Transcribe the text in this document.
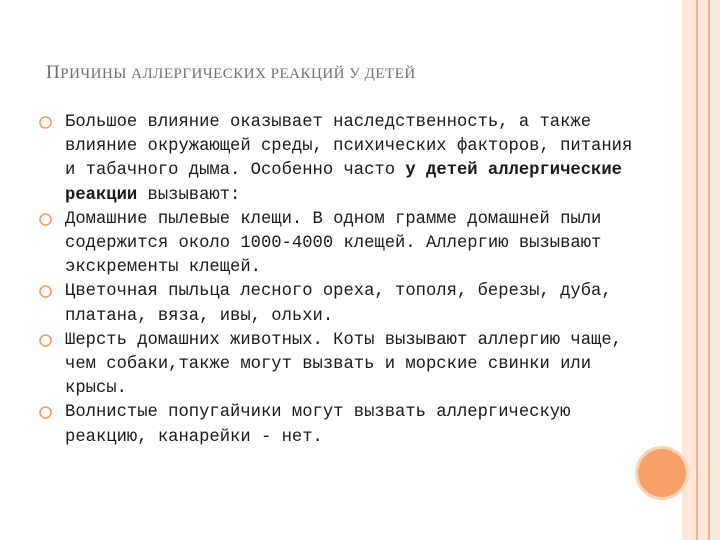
ПРИЧИНЫ АЛЛЕРГИЧЕСКИХ РЕАКЦИЙ У ДЕТЕЙ
Большое влияние оказывает наследственность, а также влияние окружающей среды, психических факторов, питания и табачного дыма. Особенно часто у детей аллергические реакции вызывают:
Домашние пылевые клещи. В одном грамме домашней пыли содержится около 1000-4000 клещей. Аллергию вызывают экскременты клещей.
Цветочная пыльца лесного ореха, тополя, березы, дуба, платана, вяза, ивы, ольхи.
Шерсть домашних животных. Коты вызывают аллергию чаще, чем собаки,также могут вызвать и морские свинки или крысы.
Волнистые попугайчики могут вызвать аллергическую реакцию, канарейки - нет.
